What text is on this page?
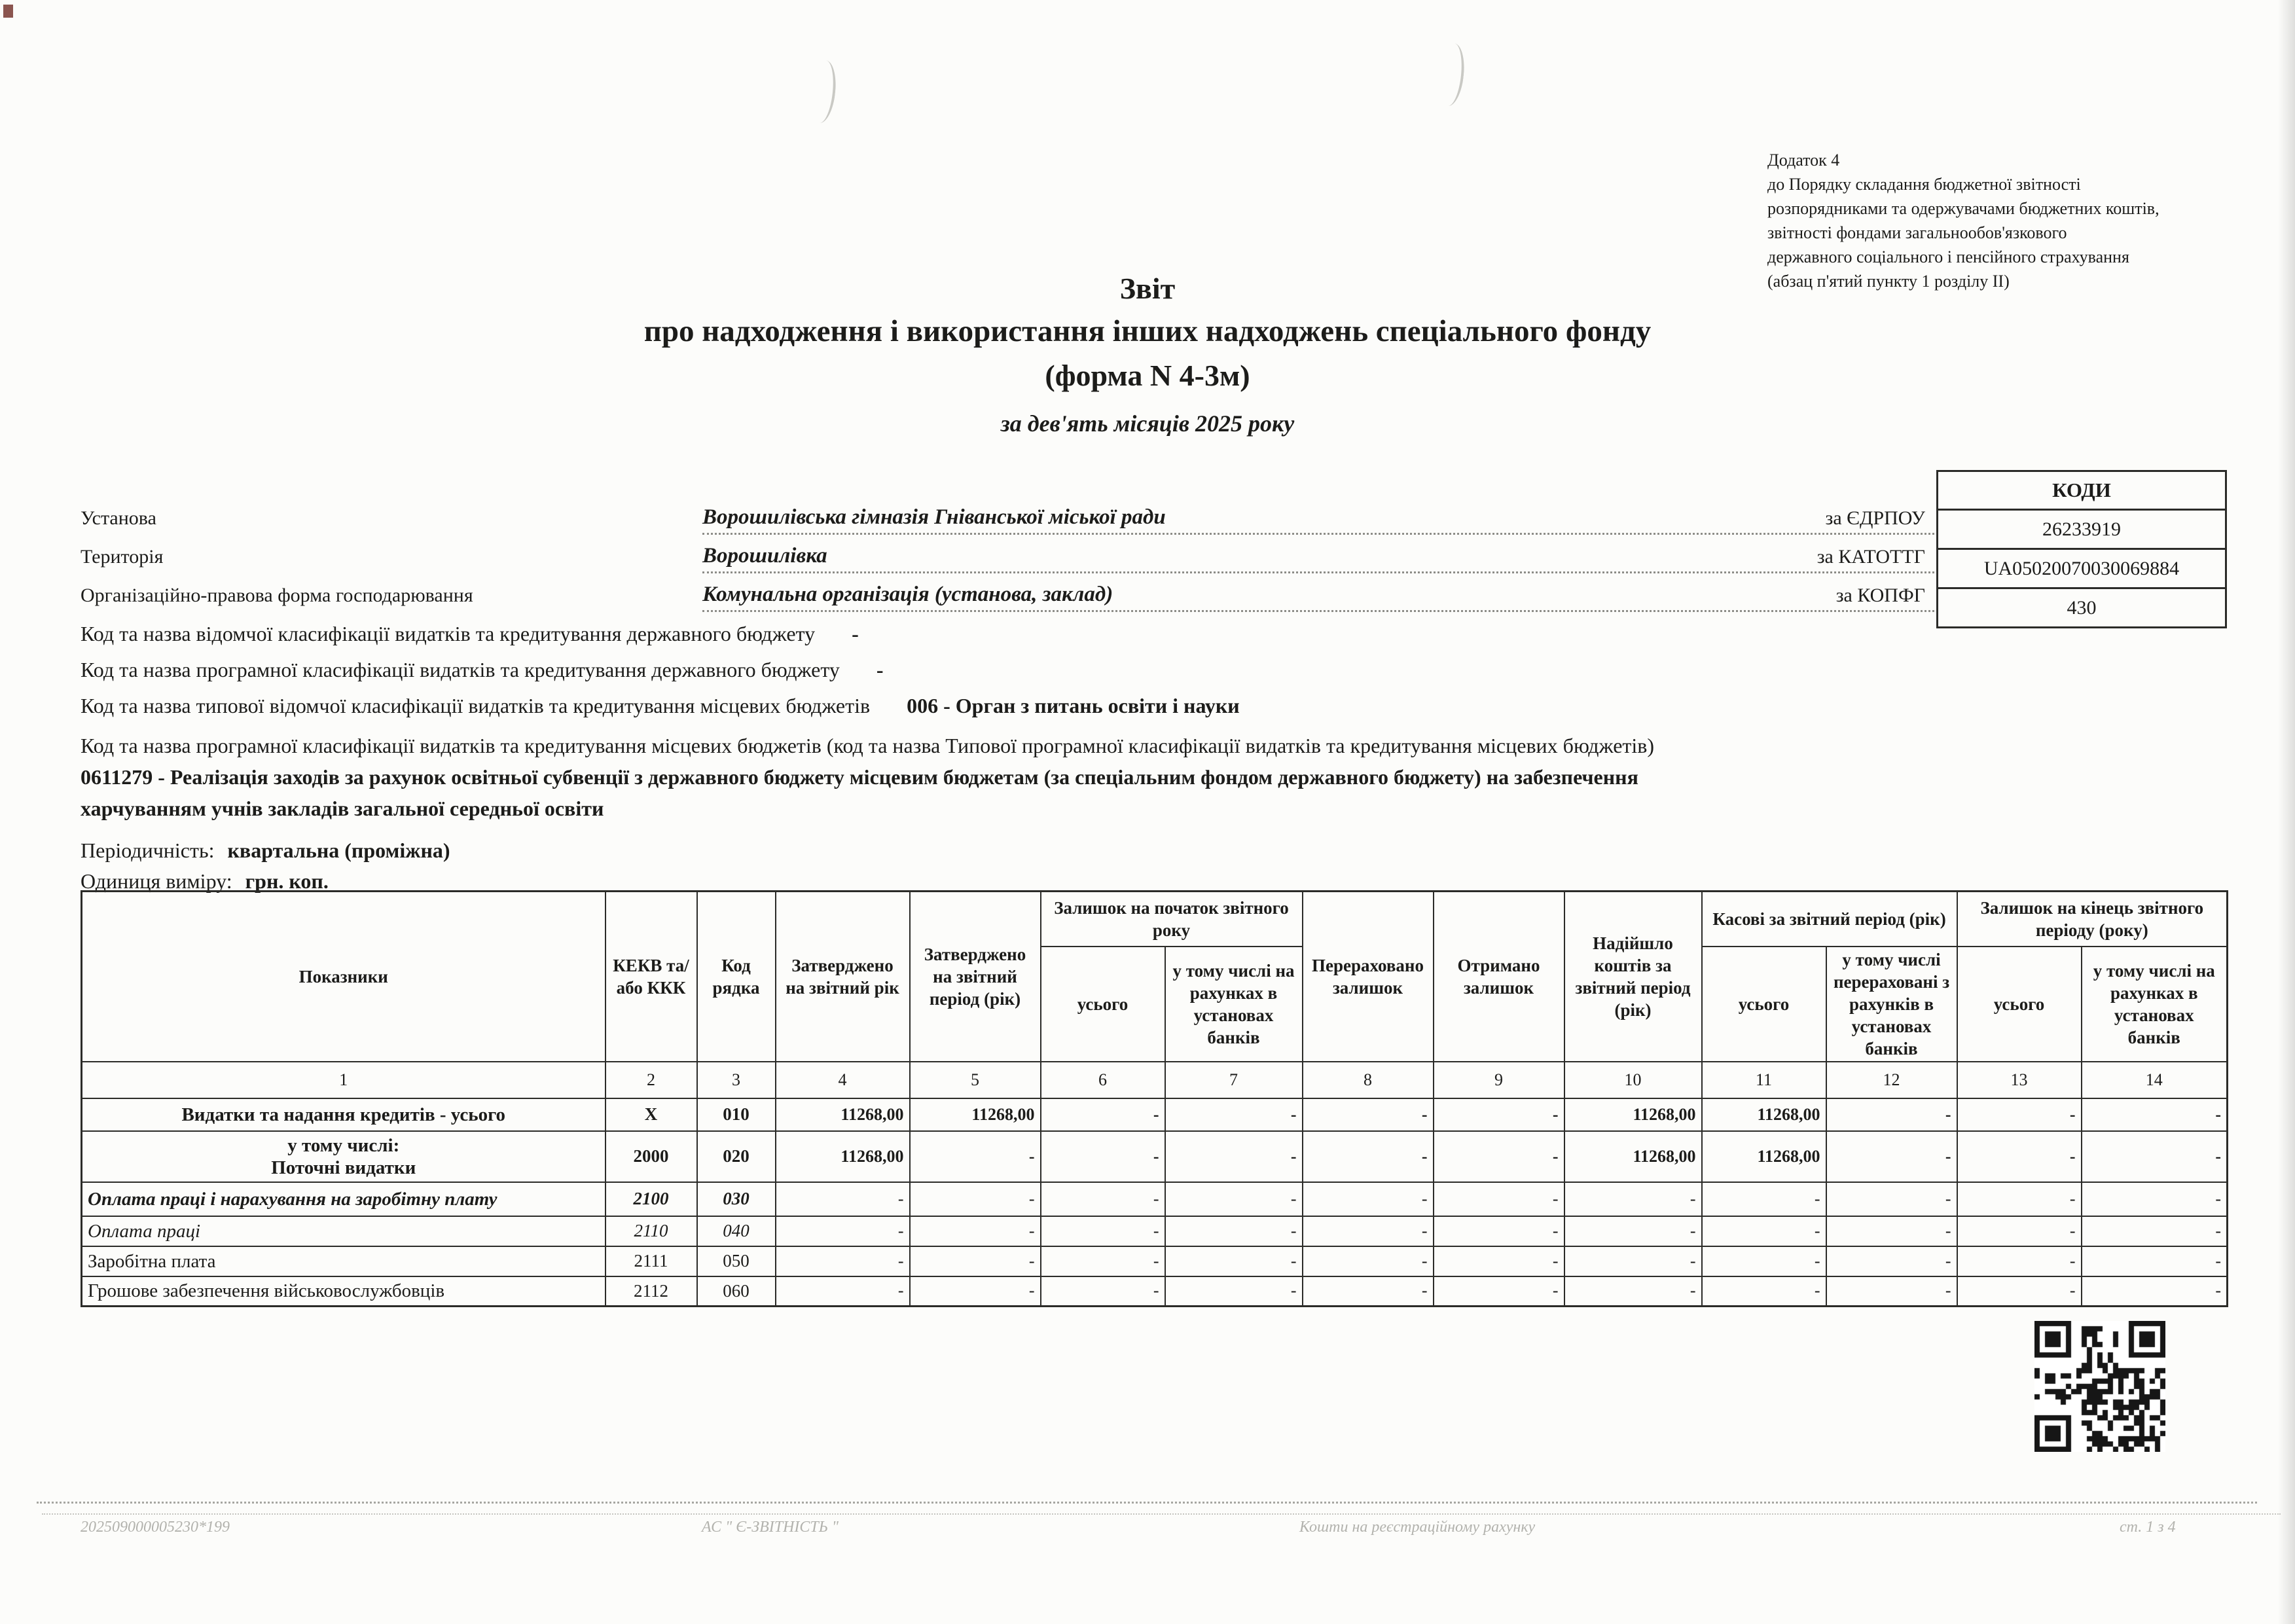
Додаток 4
до Порядку складання бюджетної звітності
розпорядниками та одержувачами бюджетних коштів,
звітності фондами загальнообов'язкового
державного соціального і пенсійного страхування
(абзац п'ятий пункту 1 розділу ІІ)
Звіт
про надходження і використання інших надходжень спеціального фонду
(форма N 4-3м)
за дев'ять місяців 2025 року
Установа	Ворошилівська гімназія Гніванської міської ради	за ЄДРПОУ
Територія	Ворошилівка	за КАТОТТГ
Організаційно-правова форма господарювання	Комунальна організація (установа, заклад)	за КОПФГ
КОДИ
26233919
UA05020070030069884
430
Код та назва відомчої класифікації видатків та кредитування державного бюджету -
Код та назва програмної класифікації видатків та кредитування державного бюджету -
Код та назва типової відомчої класифікації видатків та кредитування місцевих бюджетів 006 - Орган з питань освіти і науки
Код та назва програмної класифікації видатків та кредитування місцевих бюджетів (код та назва Типової програмної класифікації видатків та кредитування місцевих бюджетів) 0611279 - Реалізація заходів за рахунок освітньої субвенції з державного бюджету місцевим бюджетам (за спеціальним фондом державного бюджету) на забезпечення харчуванням учнів закладів загальної середньої освіти
Періодичність: квартальна (проміжна)
Одиниця виміру: грн. коп.
Показники	КЕКВ та/або ККК	Код рядка	Затверджено на звітний рік	Затверджено на звітний період (рік)	Залишок на початок звітного року		Перераховано залишок	Отримано залишок	Надійшло коштів за звітний період (рік)	Касові за звітний період (рік)		Залишок на кінець звітного періоду (року)	
					усього	у тому числі на рахунках в установах банків				усього	у тому числі перераховані з рахунків в установах банків	усього	у тому числі на рахунках в установах банків
1	2	3	4	5	6	7	8	9	10	11	12	13	14
Видатки та надання кредитів - усього	X	010	11268,00	11268,00	-	-	-	-	11268,00	11268,00	-	-	-
у тому числі:
Поточні видатки	2000	020	11268,00	-	-	-	-	-	11268,00	11268,00	-	-	-
Оплата праці і нарахування на заробітну плату	2100	030	-	-	-	-	-	-	-	-	-	-	-
Оплата праці	2110	040	-	-	-	-	-	-	-	-	-	-	-
Заробітна плата	2111	050	-	-	-	-	-	-	-	-	-	-	-
Грошове забезпечення військовослужбовців	2112	060	-	-	-	-	-	-	-	-	-	-	-
202509000005230*199	АС " Є-ЗВІТНІСТЬ "	Кошти на реєстраційному рахунку	ст. 1 з 4
